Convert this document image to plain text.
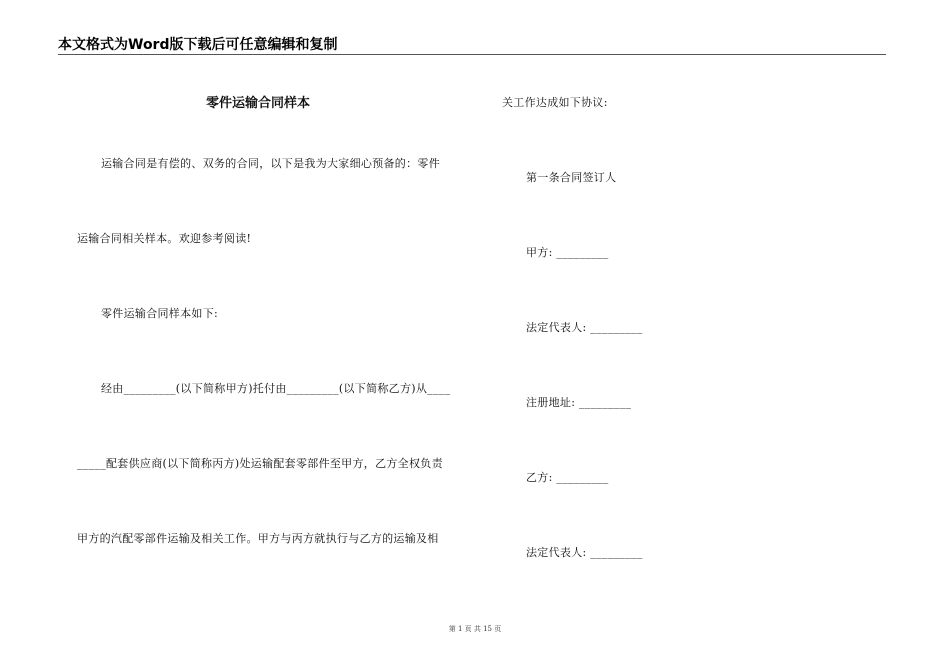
本文格式为Word版下载后可任意编辑和复制
零件运输合同样本
运输合同是有偿的、双务的合同，以下是我为大家细心预备的：零件
运输合同相关样本。欢迎参考阅读!
零件运输合同样本如下:
经由_________(以下简称甲方)托付由_________(以下简称乙方)从____
_____配套供应商(以下简称丙方)处运输配套零部件至甲方，乙方全权负责
甲方的汽配零部件运输及相关工作。甲方与丙方就执行与乙方的运输及相
关工作达成如下协议:
第一条合同签订人
甲方: _________
法定代表人: _________
注册地址: _________
乙方: _________
法定代表人: _________
第 1 页 共 15 页
